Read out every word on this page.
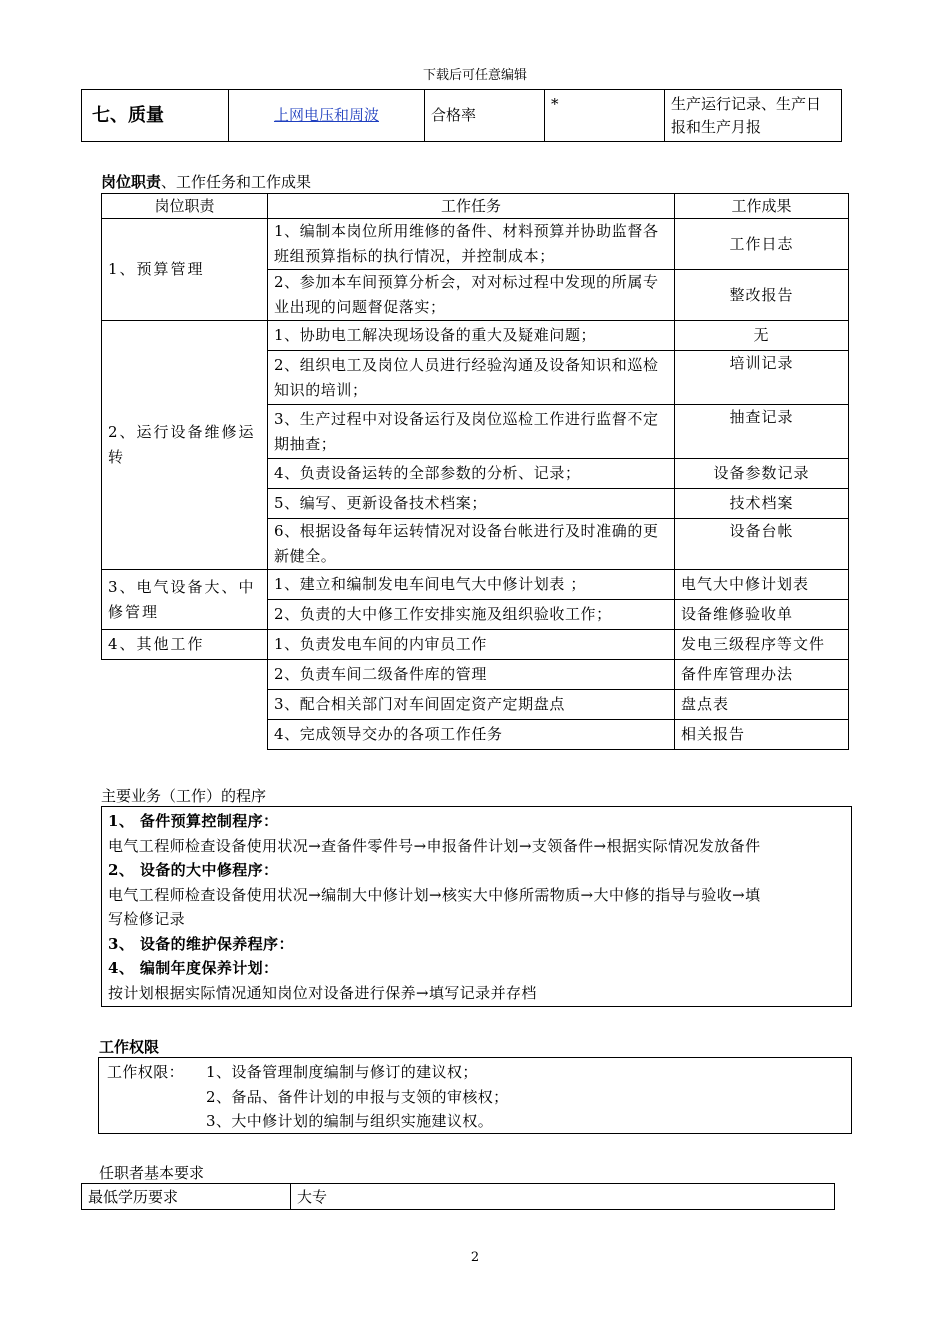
下载后可任意编辑
七、质量	上网电压和周波	合格率	*	生产运行记录、生产日报和生产月报
岗位职责、工作任务和工作成果
岗位职责	工作任务	工作成果
1、预算管理	1、编制本岗位所用维修的备件、材料预算并协助监督各班组预算指标的执行情况，并控制成本；	工作日志
	2、参加本车间预算分析会，对对标过程中发现的所属专业出现的问题督促落实；	整改报告
2、运行设备维修运转	1、协助电工解决现场设备的重大及疑难问题；	无
	2、组织电工及岗位人员进行经验沟通及设备知识和巡检知识的培训；	培训记录
	3、生产过程中对设备运行及岗位巡检工作进行监督不定期抽查；	抽查记录
	4、负责设备运转的全部参数的分析、记录；	设备参数记录
	5、编写、更新设备技术档案；	技术档案
	6、根据设备每年运转情况对设备台帐进行及时准确的更新健全。	设备台帐
3、电气设备大、中修管理	1、建立和编制发电车间电气大中修计划表 ；	电气大中修计划表
	2、负责的大中修工作安排实施及组织验收工作；	设备维修验收单
4、其他工作	1、负责发电车间的内审员工作	发电三级程序等文件
	2、负责车间二级备件库的管理	备件库管理办法
	3、配合相关部门对车间固定资产定期盘点	盘点表
	4、完成领导交办的各项工作任务	相关报告
主要业务（工作）的程序
1、 备件预算控制程序：
电气工程师检查设备使用状况→查备件零件号→申报备件计划→支领备件→根据实际情况发放备件
2、 设备的大中修程序：
电气工程师检查设备使用状况→编制大中修计划→核实大中修所需物质→大中修的指导与验收→填
写检修记录
3、 设备的维护保养程序：
4、 编制年度保养计划：
按计划根据实际情况通知岗位对设备进行保养→填写记录并存档
工作权限
工作权限： 1、设备管理制度编制与修订的建议权；
2、备品、备件计划的申报与支领的审核权；
3、大中修计划的编制与组织实施建议权。
任职者基本要求
最低学历要求	大专
2
